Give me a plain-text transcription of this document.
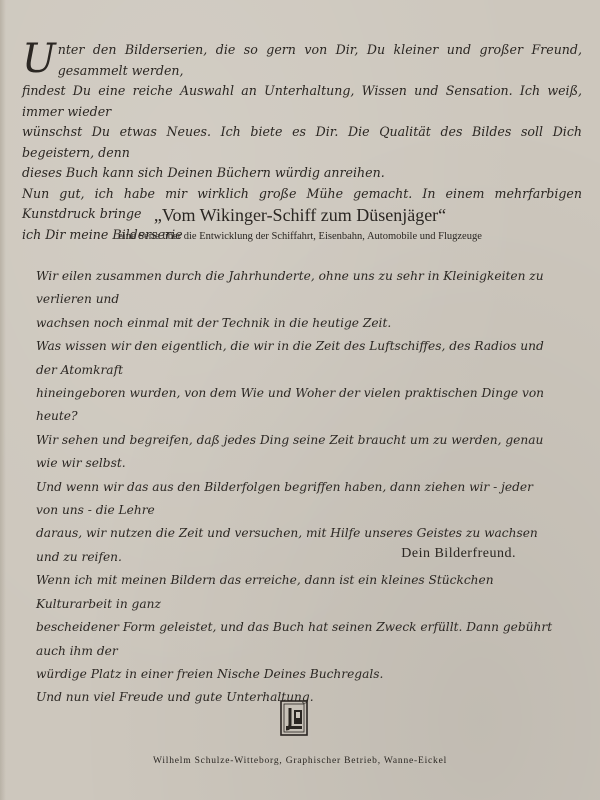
U nter den Bilderserien, die so gern von Dir, Du kleiner und großer Freund, gesammelt werden,

findest Du eine reiche Auswahl an Unterhaltung, Wissen und Sensation. Ich weiß, immer wieder

wünschst Du etwas Neues. Ich biete es Dir. Die Qualität des Bildes soll Dich begeistern, denn

dieses Buch kann sich Deinen Büchern würdig anreihen.

Nun gut, ich habe mir wirklich große Mühe gemacht. In einem mehrfarbigen Kunstdruck bringe

ich Dir meine Bilderserie

„Vom Wikinger-Schiff zum Düsenjäger“
eine Serie über die Entwicklung der Schiffahrt, Eisenbahn, Automobile und Flugzeuge

Wir eilen zusammen durch die Jahrhunderte, ohne uns zu sehr in Kleinigkeiten zu verlieren und

wachsen noch einmal mit der Technik in die heutige Zeit.

Was wissen wir den eigentlich, die wir in die Zeit des Luftschiffes, des Radios und der Atomkraft

hineingeboren wurden, von dem Wie und Woher der vielen praktischen Dinge von heute?

Wir sehen und begreifen, daß jedes Ding seine Zeit braucht um zu werden, genau wie wir selbst.

Und wenn wir das aus den Bilderfolgen begriffen haben, dann ziehen wir - jeder von uns - die Lehre

daraus, wir nutzen die Zeit und versuchen, mit Hilfe unseres Geistes zu wachsen und zu reifen.

Wenn ich mit meinen Bildern das erreiche, dann ist ein kleines Stückchen Kulturarbeit in ganz

bescheidener Form geleistet, und das Buch hat seinen Zweck erfüllt. Dann gebührt auch ihm der

würdige Platz in einer freien Nische Deines Buchregals.

Und nun viel Freude und gute Unterhaltung.

Dein Bilderfreund.
Wilhelm Schulze-Witteborg, Graphischer Betrieb, Wanne-Eickel
